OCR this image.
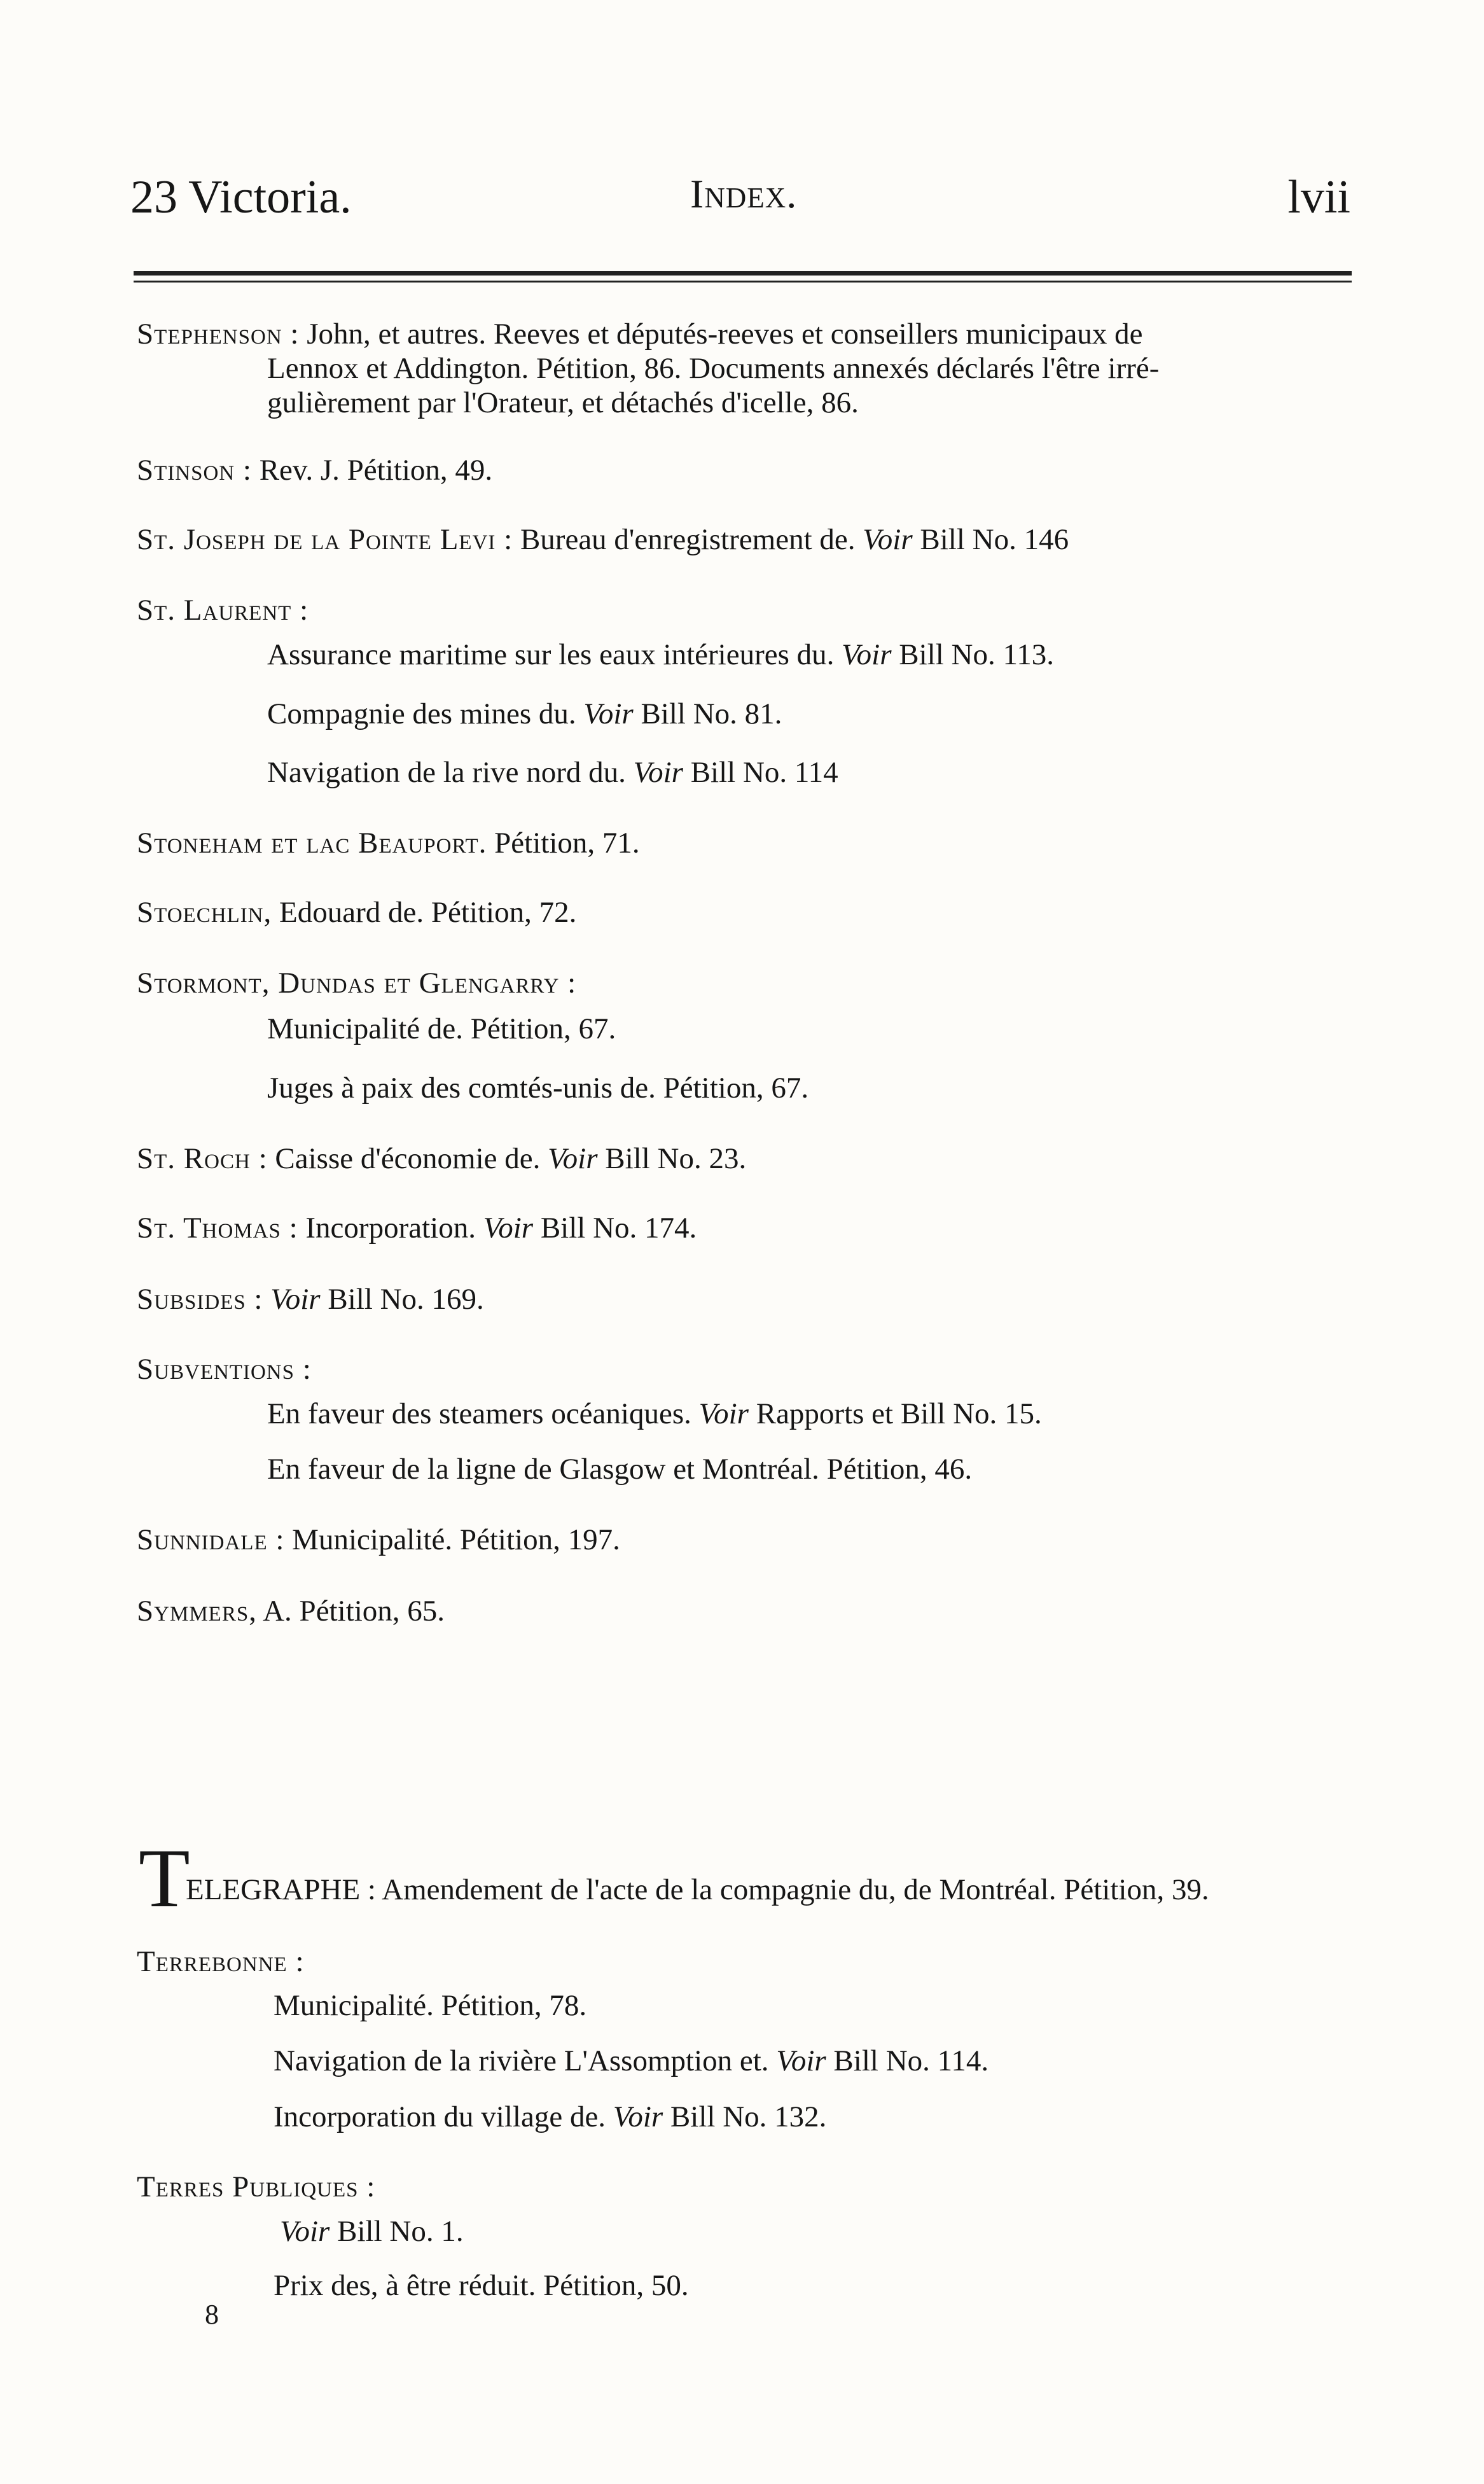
23 Victoria.	Index.	lvii
Stephenson : John, et autres. Reeves et députés-reeves et conseillers municipaux de
Lennox et Addington. Pétition, 86. Documents annexés déclarés l'être irré-
gulièrement par l'Orateur, et détachés d'icelle, 86.
Stinson : Rev. J. Pétition, 49.
St. Joseph de la Pointe Levi : Bureau d'enregistrement de. Voir Bill No. 146
St. Laurent :
Assurance maritime sur les eaux intérieures du. Voir Bill No. 113.
Compagnie des mines du. Voir Bill No. 81.
Navigation de la rive nord du. Voir Bill No. 114
Stoneham et lac Beauport. Pétition, 71.
Stoechlin, Edouard de. Pétition, 72.
Stormont, Dundas et Glengarry :
Municipalité de. Pétition, 67.
Juges à paix des comtés-unis de. Pétition, 67.
St. Roch : Caisse d'économie de. Voir Bill No. 23.
St. Thomas : Incorporation. Voir Bill No. 174.
Subsides : Voir Bill No. 169.
Subventions :
En faveur des steamers océaniques. Voir Rapports et Bill No. 15.
En faveur de la ligne de Glasgow et Montréal. Pétition, 46.
Sunnidale : Municipalité. Pétition, 197.
Symmers, A. Pétition, 65.
T
ELEGRAPHE : Amendement de l'acte de la compagnie du, de Montréal. Pétition, 39.
Terrebonne :
Municipalité. Pétition, 78.
Navigation de la rivière L'Assomption et. Voir Bill No. 114.
Incorporation du village de. Voir Bill No. 132.
Terres Publiques :
Voir Bill No. 1.
Prix des, à être réduit. Pétition, 50.
8
